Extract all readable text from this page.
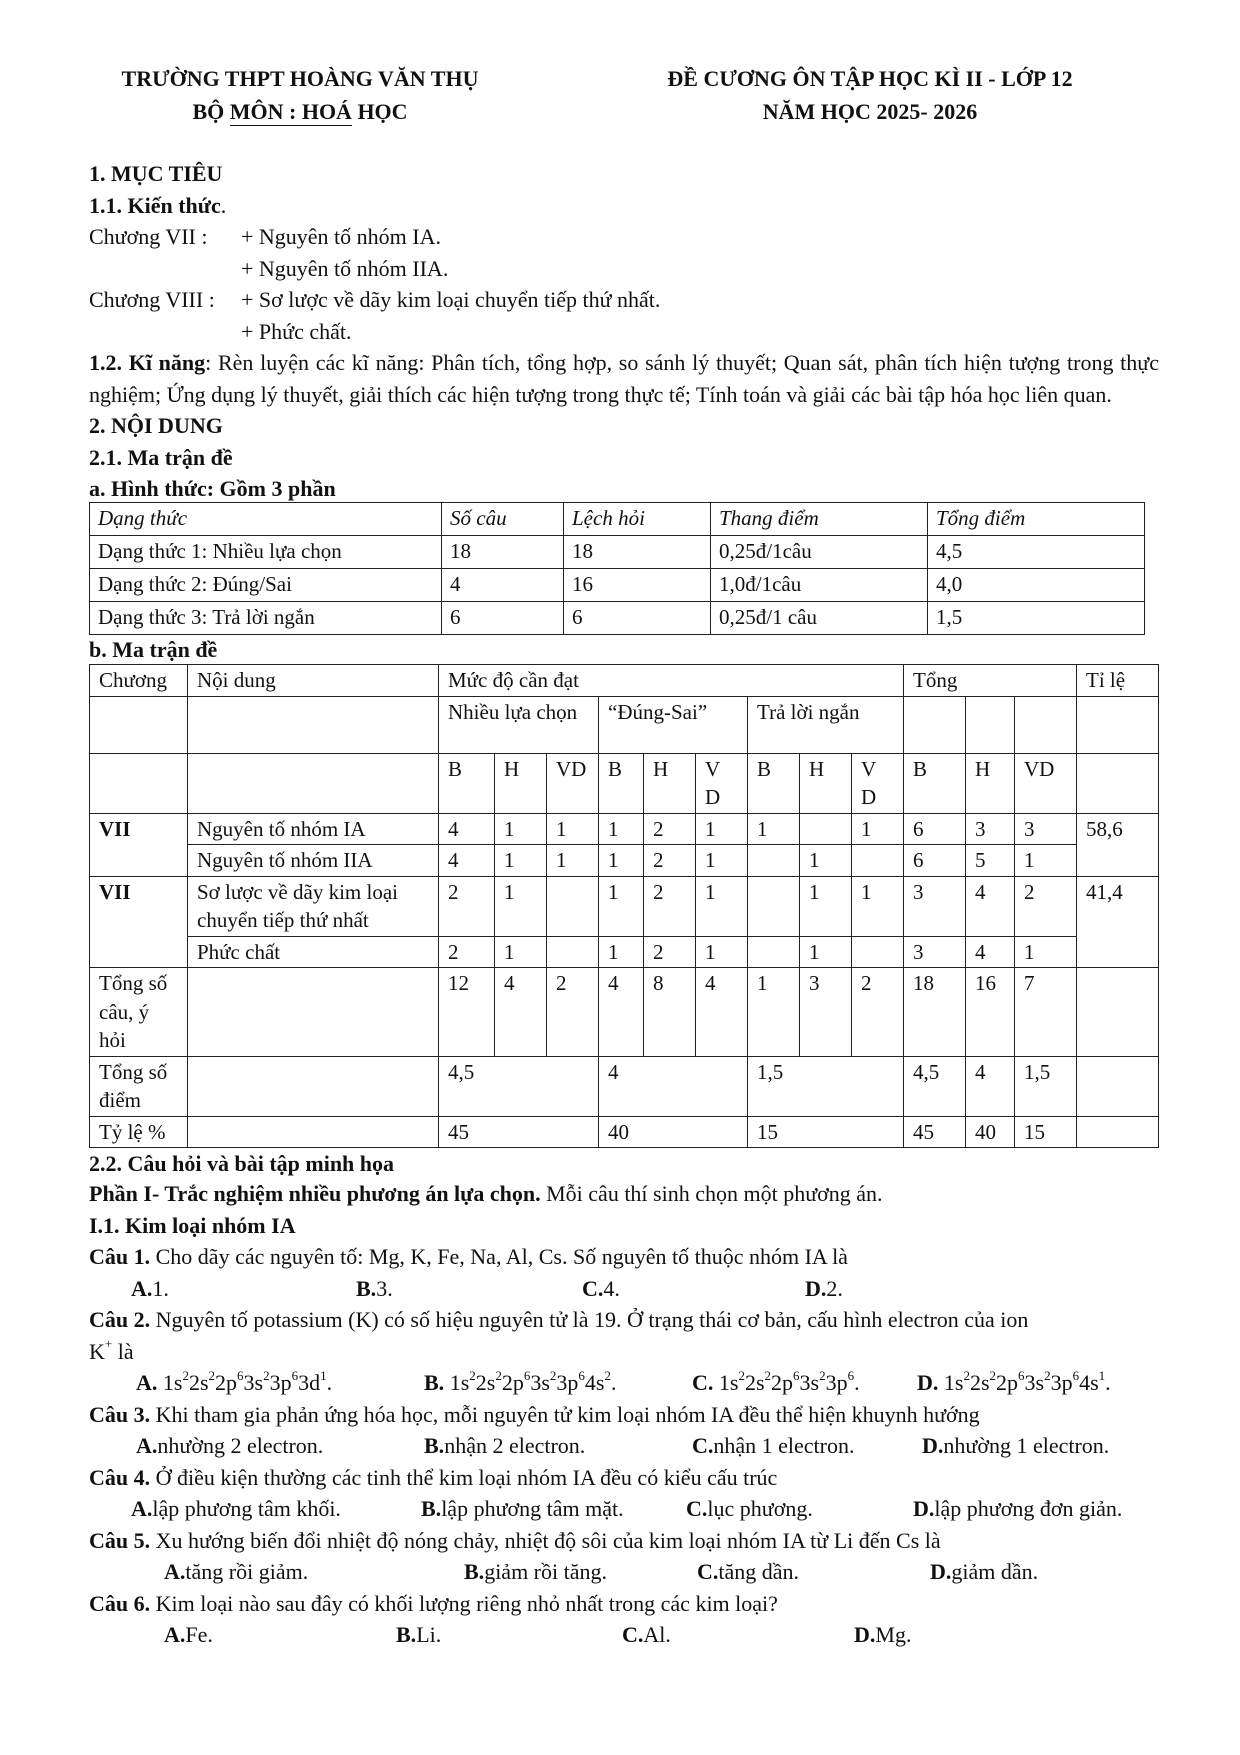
TRƯỜNG THPT HOÀNG VĂN THỤ
BỘ MÔN : HOÁ HỌC
ĐỀ CƯƠNG ÔN TẬP HỌC KÌ II - LỚP 12
NĂM HỌC 2025- 2026
1. MỤC TIÊU
1.1. Kiến thức.
Chương VII : + Nguyên tố nhóm IA.
+ Nguyên tố nhóm IIA.
Chương VIII : + Sơ lược về dãy kim loại chuyển tiếp thứ nhất.
+ Phức chất.
1.2. Kĩ năng: Rèn luyện các kĩ năng: Phân tích, tổng hợp, so sánh lý thuyết; Quan sát, phân tích hiện tượng trong thực nghiệm; Ứng dụng lý thuyết, giải thích các hiện tượng trong thực tế; Tính toán và giải các bài tập hóa học liên quan.
2. NỘI DUNG
2.1. Ma trận đề
a. Hình thức: Gồm 3 phần
Dạng thức	Số câu	Lệch hỏi	Thang điểm	Tổng điểm
Dạng thức 1: Nhiều lựa chọn	18	18	0,25đ/1câu	4,5
Dạng thức 2: Đúng/Sai	4	16	1,0đ/1câu	4,0
Dạng thức 3: Trả lời ngắn	6	6	0,25đ/1 câu	1,5
b. Ma trận đề
Chương	Nội dung	Mức độ cần đạt									Tổng			Tỉ lệ
		Nhiều lựa chọn			“Đúng-Sai”			Trả lời ngắn						
		B	H	VD	B	H	V D	B	H	V D	B	H	VD	
VII	Nguyên tố nhóm IA	4	1	1	1	2	1	1		1	6	3	3	58,6
	Nguyên tố nhóm IIA	4	1	1	1	2	1		1		6	5	1	
VII	Sơ lược về dãy kim loại chuyển tiếp thứ nhất	2	1		1	2	1		1	1	3	4	2	41,4
	Phức chất	2	1		1	2	1		1		3	4	1	
Tổng số câu, ý hỏi		12	4	2	4	8	4	1	3	2	18	16	7	
Tổng số điểm		4,5			4			1,5			4,5	4	1,5	
Tỷ lệ %		45			40			15			45	40	15	
2.2. Câu hỏi và bài tập minh họa
Phần I- Trắc nghiệm nhiều phương án lựa chọn. Mỗi câu thí sinh chọn một phương án.
I.1. Kim loại nhóm IA
Câu 1. Cho dãy các nguyên tố: Mg, K, Fe, Na, Al, Cs. Số nguyên tố thuộc nhóm IA là
A.1.	B.3.	C.4.	D.2.
Câu 2. Nguyên tố potassium (K) có số hiệu nguyên tử là 19. Ở trạng thái cơ bản, cấu hình electron của ion
K+ là
A. $1s^22s^22p^63s^23p^63d^1$.	B. $1s^22s^22p^63s^23p^64s^2$.	C. $1s^22s^22p^63s^23p^6$.	D. $1s^22s^22p^63s^23p^64s^1$.
Câu 3. Khi tham gia phản ứng hóa học, mỗi nguyên tử kim loại nhóm IA đều thể hiện khuynh hướng
A.nhường 2 electron.	B.nhận 2 electron.	C.nhận 1 electron.	D.nhường 1 electron.
Câu 4. Ở điều kiện thường các tinh thể kim loại nhóm IA đều có kiểu cấu trúc
A.lập phương tâm khối.	B.lập phương tâm mặt.	C.lục phương.	D.lập phương đơn giản.
Câu 5. Xu hướng biến đổi nhiệt độ nóng chảy, nhiệt độ sôi của kim loại nhóm IA từ Li đến Cs là
A.tăng rồi giảm.	B.giảm rồi tăng.	C.tăng dần.	D.giảm dần.
Câu 6. Kim loại nào sau đây có khối lượng riêng nhỏ nhất trong các kim loại?
A.Fe.	B.Li.	C.Al.	D.Mg.
